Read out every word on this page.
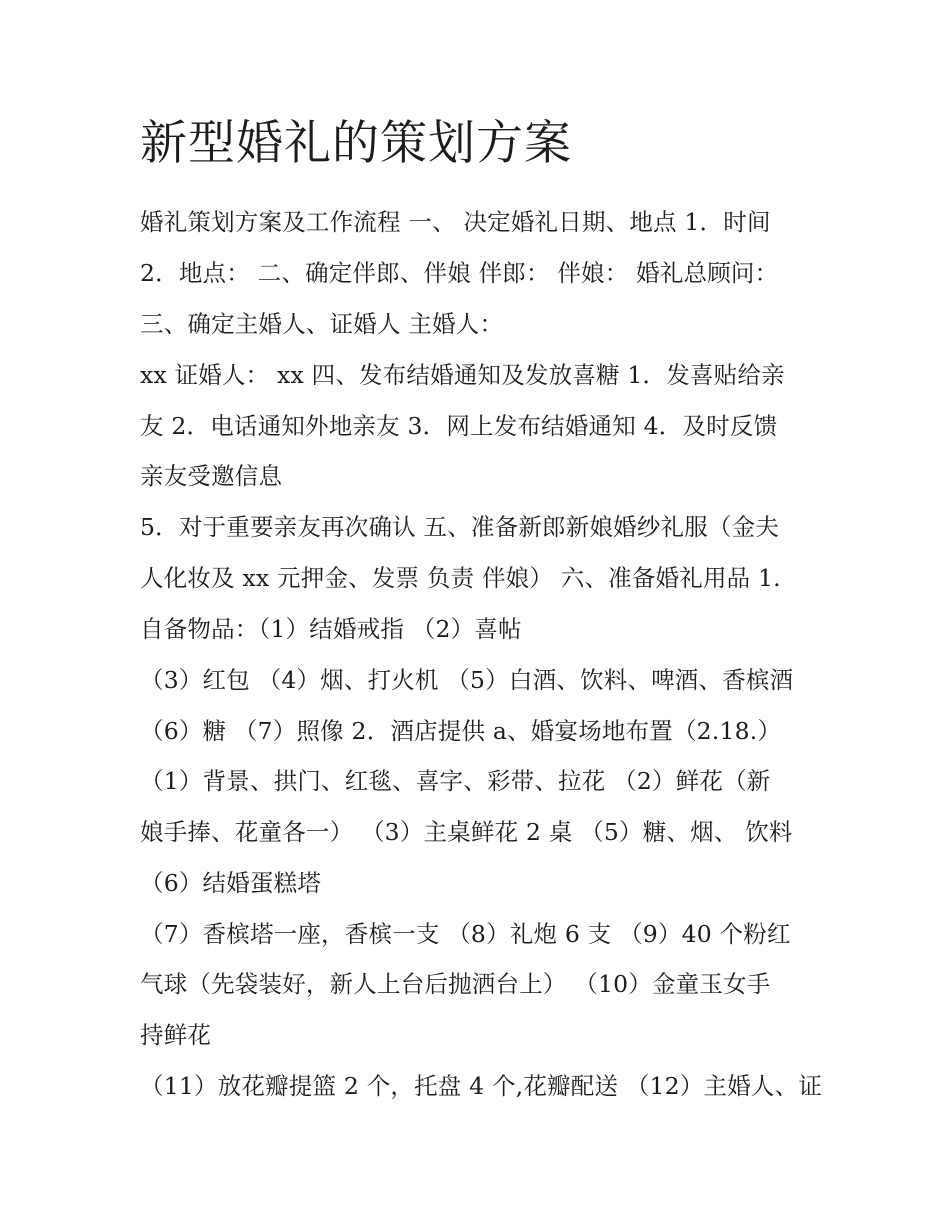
新型婚礼的策划方案
婚礼策划方案及工作流程 一、 决定婚礼日期、地点 1．时间
2．地点： 二、确定伴郎、伴娘 伴郎： 伴娘： 婚礼总顾问：
三、确定主婚人、证婚人 主婚人：
xx 证婚人： xx 四、发布结婚通知及发放喜糖 1．发喜贴给亲
友 2．电话通知外地亲友 3．网上发布结婚通知 4．及时反馈
亲友受邀信息
5．对于重要亲友再次确认 五、准备新郎新娘婚纱礼服（金夫
人化妆及 xx 元押金、发票 负责 伴娘） 六、准备婚礼用品 1.
自备物品：（1）结婚戒指 （2）喜帖
（3）红包 （4）烟、打火机 （5）白酒、饮料、啤酒、香槟酒
（6）糖 （7）照像 2．酒店提供 a、婚宴场地布置（2.18.）
（1）背景、拱门、红毯、喜字、彩带、拉花 （2）鲜花（新
娘手捧、花童各一） （3）主桌鲜花 2 桌 （5）糖、烟、 饮料
（6）结婚蛋糕塔
（7）香槟塔一座，香槟一支 （8）礼炮 6 支 （9）40 个粉红
气球（先袋装好，新人上台后抛洒台上） （10）金童玉女手
持鲜花
（11）放花瓣提篮 2 个，托盘 4 个,花瓣配送 （12）主婚人、证
